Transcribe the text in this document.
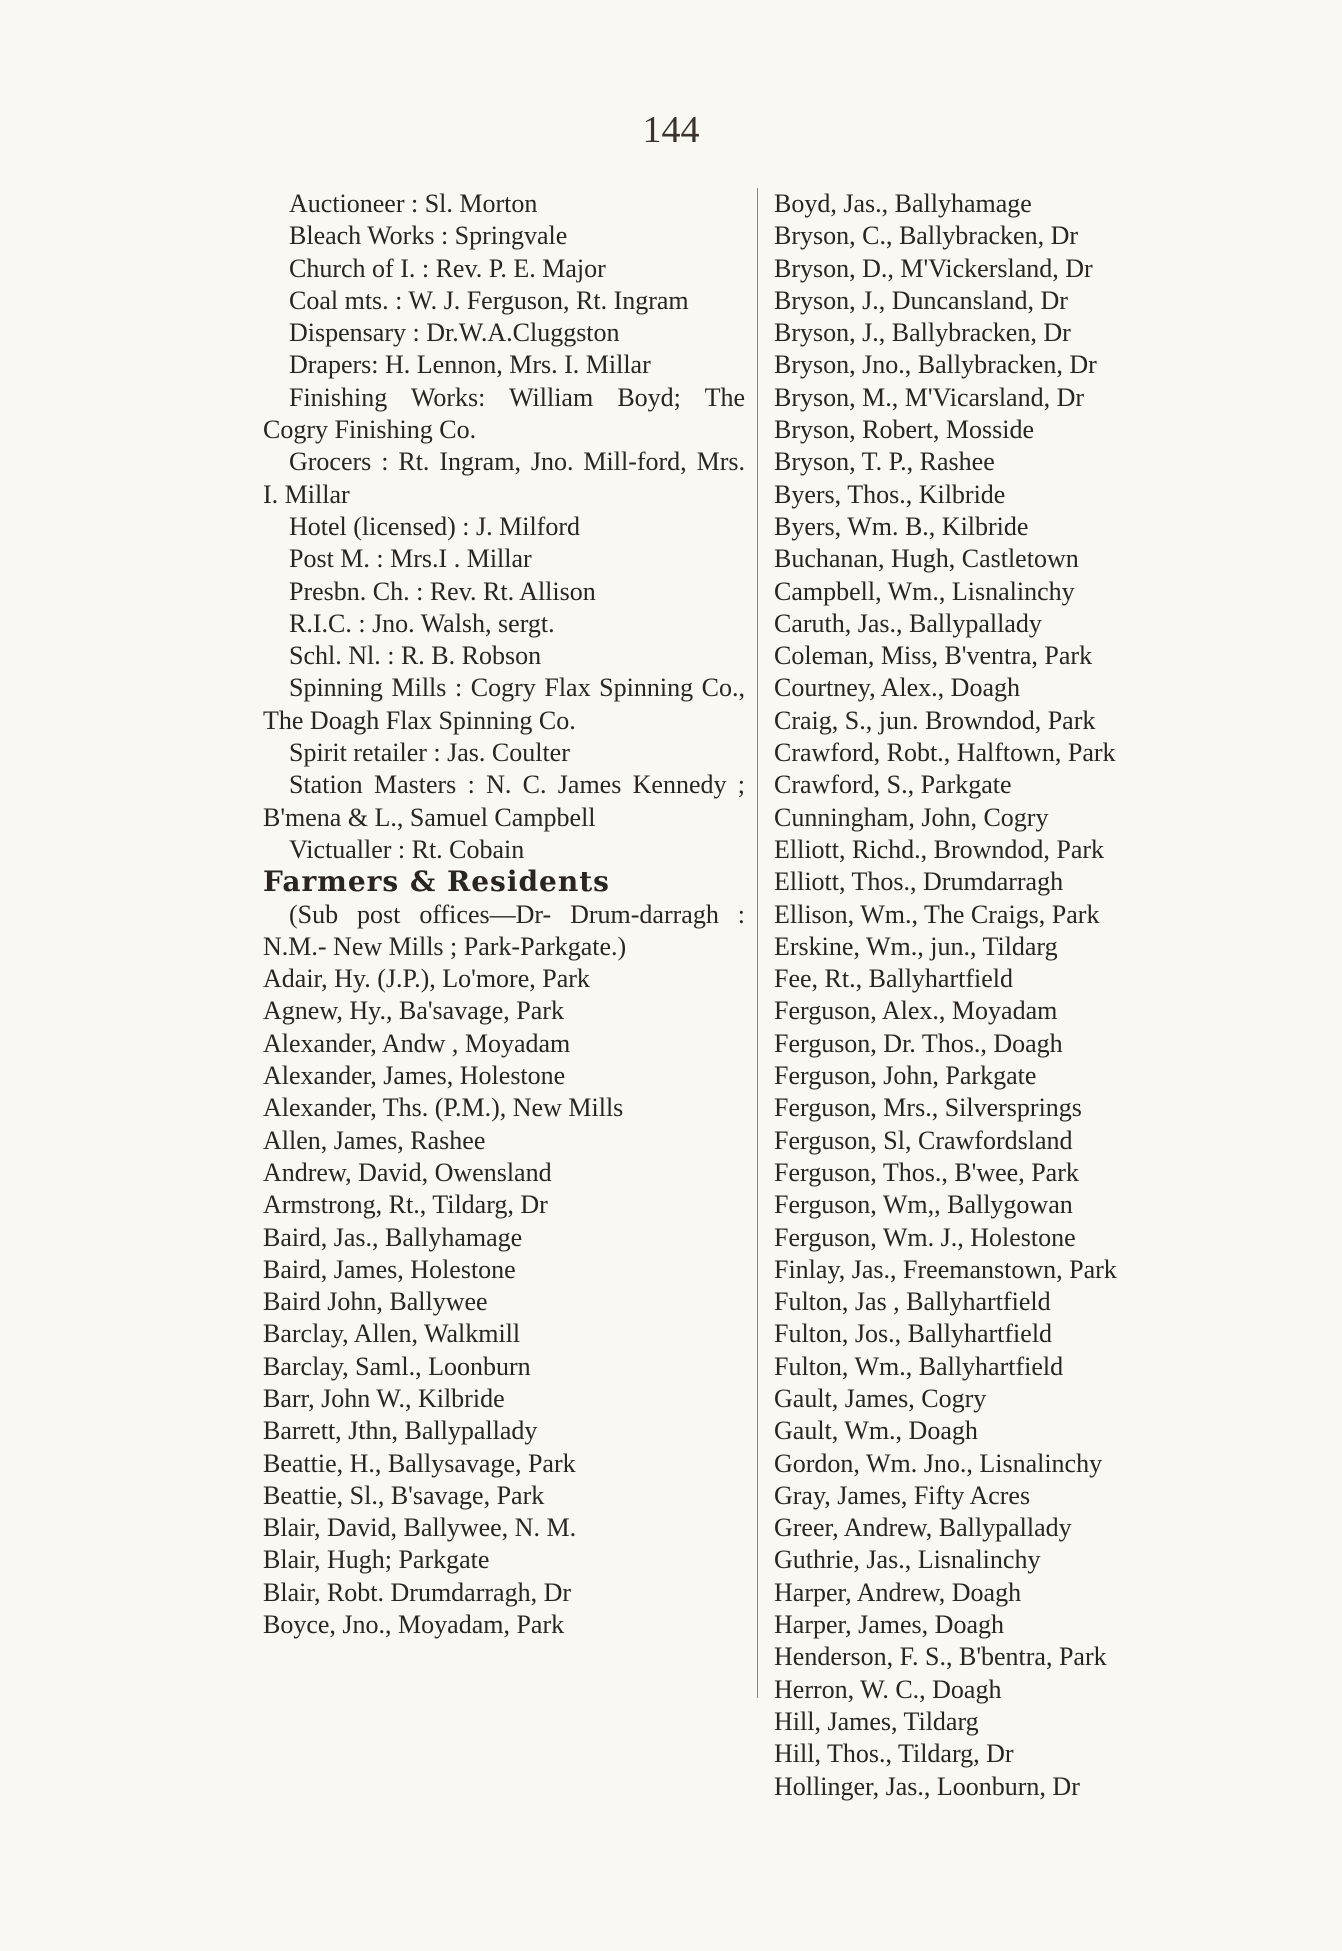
144
Auctioneer : Sl. Morton
Bleach Works : Springvale
Church of I. : Rev. P. E. Major
Coal mts. : W. J. Ferguson, Rt. Ingram
Dispensary : Dr.W.A.Cluggston
Drapers: H. Lennon, Mrs. I. Millar
Finishing Works: William Boyd; The Cogry Finishing Co.
Grocers : Rt. Ingram, Jno. Mill-ford, Mrs. I. Millar
Hotel (licensed) : J. Milford
Post M. : Mrs.I . Millar
Presbn. Ch. : Rev. Rt. Allison
R.I.C. : Jno. Walsh, sergt.
Schl. Nl. : R. B. Robson
Spinning Mills : Cogry Flax Spinning Co., The Doagh Flax Spinning Co.
Spirit retailer : Jas. Coulter
Station Masters : N. C. James Kennedy ; B'mena & L., Samuel Campbell
Victualler : Rt. Cobain
Farmers & Residents
(Sub post offices—Dr- Drum-darragh : N.M.- New Mills ; Park-Parkgate.)
Adair, Hy. (J.P.), Lo'more, Park
Agnew, Hy., Ba'savage, Park
Alexander, Andw , Moyadam
Alexander, James, Holestone
Alexander, Ths. (P.M.), New Mills
Allen, James, Rashee
Andrew, David, Owensland
Armstrong, Rt., Tildarg, Dr
Baird, Jas., Ballyhamage
Baird, James, Holestone
Baird John, Ballywee
Barclay, Allen, Walkmill
Barclay, Saml., Loonburn
Barr, John W., Kilbride
Barrett, Jthn, Ballypallady
Beattie, H., Ballysavage, Park
Beattie, Sl., B'savage, Park
Blair, David, Ballywee, N. M.
Blair, Hugh; Parkgate
Blair, Robt. Drumdarragh, Dr
Boyce, Jno., Moyadam, Park
Boyd, Jas., Ballyhamage
Bryson, C., Ballybracken, Dr
Bryson, D., M'Vickersland, Dr
Bryson, J., Duncansland, Dr
Bryson, J., Ballybracken, Dr
Bryson, Jno., Ballybracken, Dr
Bryson, M., M'Vicarsland, Dr
Bryson, Robert, Mosside
Bryson, T. P., Rashee
Byers, Thos., Kilbride
Byers, Wm. B., Kilbride
Buchanan, Hugh, Castletown
Campbell, Wm., Lisnalinchy
Caruth, Jas., Ballypallady
Coleman, Miss, B'ventra, Park
Courtney, Alex., Doagh
Craig, S., jun. Browndod, Park
Crawford, Robt., Halftown, Park
Crawford, S., Parkgate
Cunningham, John, Cogry
Elliott, Richd., Browndod, Park
Elliott, Thos., Drumdarragh
Ellison, Wm., The Craigs, Park
Erskine, Wm., jun., Tildarg
Fee, Rt., Ballyhartfield
Ferguson, Alex., Moyadam
Ferguson, Dr. Thos., Doagh
Ferguson, John, Parkgate
Ferguson, Mrs., Silversprings
Ferguson, Sl, Crawfordsland
Ferguson, Thos., B'wee, Park
Ferguson, Wm,, Ballygowan
Ferguson, Wm. J., Holestone
Finlay, Jas., Freemanstown, Park
Fulton, Jas , Ballyhartfield
Fulton, Jos., Ballyhartfield
Fulton, Wm., Ballyhartfield
Gault, James, Cogry
Gault, Wm., Doagh
Gordon, Wm. Jno., Lisnalinchy
Gray, James, Fifty Acres
Greer, Andrew, Ballypallady
Guthrie, Jas., Lisnalinchy
Harper, Andrew, Doagh
Harper, James, Doagh
Henderson, F. S., B'bentra, Park
Herron, W. C., Doagh
Hill, James, Tildarg
Hill, Thos., Tildarg, Dr
Hollinger, Jas., Loonburn, Dr
